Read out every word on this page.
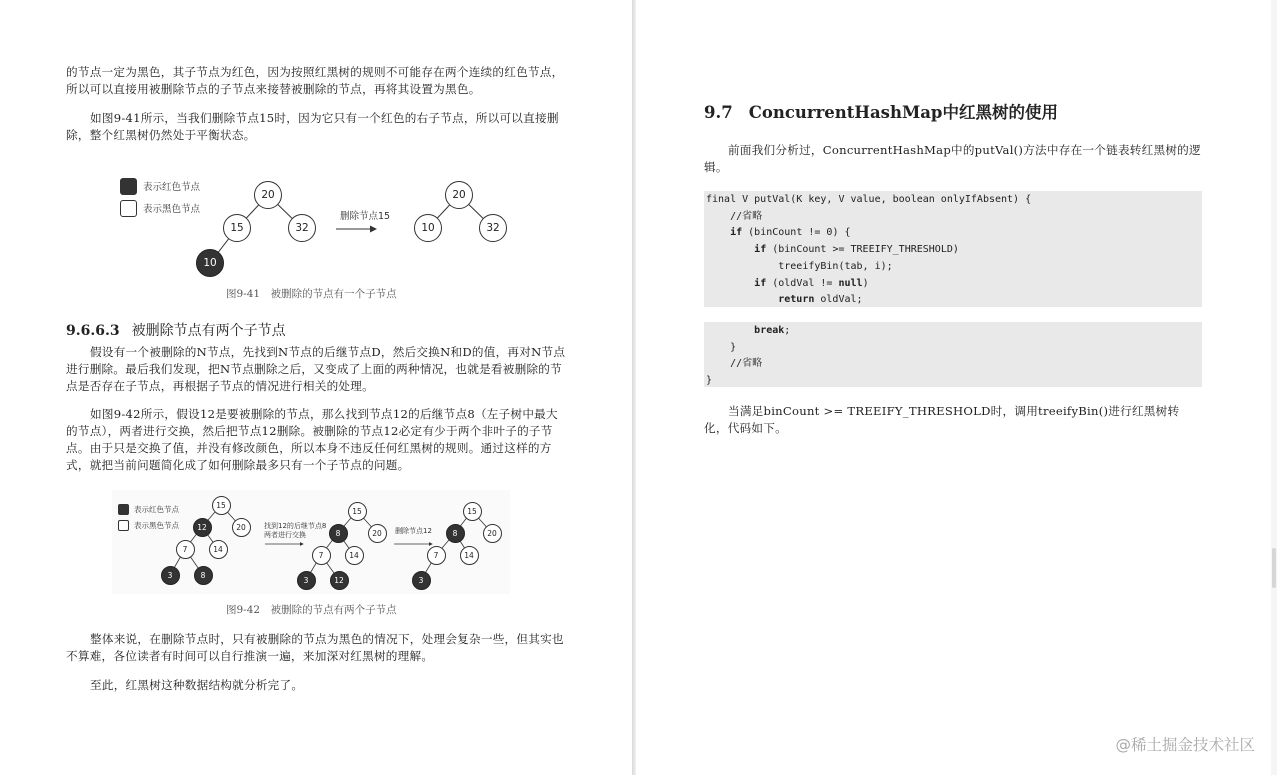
的节点一定为黑色，其子节点为红色，因为按照红黑树的规则不可能存在两个连续的红色节点，所以可以直接用被删除节点的子节点来接替被删除的节点，再将其设置为黑色。

如图9-41所示，当我们删除节点15时，因为它只有一个红色的右子节点，所以可以直接删除，整个红黑树仍然处于平衡状态。

表示红色节点
表示黑色节点
20
15	32
10
删除节点15
20
10	32
图9-41　被删除的节点有一个子节点
9.6.6.3 被删除节点有两个子节点

假设有一个被删除的N节点，先找到N节点的后继节点D，然后交换N和D的值，再对N节点进行删除。最后我们发现，把N节点删除之后，又变成了上面的两种情况，也就是看被删除的节点是否存在子节点，再根据子节点的情况进行相关的处理。

如图9-42所示，假设12是要被删除的节点，那么找到节点12的后继节点8（左子树中最大的节点），两者进行交换，然后把节点12删除。被删除的节点12必定有少于两个非叶子的子节点。由于只是交换了值，并没有修改颜色，所以本身不违反任何红黑树的规则。通过这样的方式，就把当前问题简化成了如何删除最多只有一个子节点的问题。

表示红色节点
表示黑色节点
15
12	20
7	14
3	8
找到12的后继节点8
两者进行交换
15
8	20
7	14
3	12
删除节点12
15
8	20
7	14
3
图9-42　被删除的节点有两个子节点

整体来说，在删除节点时，只有被删除的节点为黑色的情况下，处理会复杂一些，但其实也不算难，各位读者有时间可以自行推演一遍，来加深对红黑树的理解。

至此，红黑树这种数据结构就分析完了。

9.7 ConcurrentHashMap中红黑树的使用

前面我们分析过，ConcurrentHashMap中的putVal()方法中存在一个链表转红黑树的逻辑。

final V putVal(K key, V value, boolean onlyIfAbsent) {
//省略
if (binCount != 0) {
if (binCount >= TREEIFY_THRESHOLD)
treeifyBin(tab, i);
if (oldVal != null)
return oldVal;
break;
}
//省略
}

当满足binCount >= TREEIFY_THRESHOLD时，调用treeifyBin()进行红黑树转化，代码如下。

@稀土掘金技术社区
